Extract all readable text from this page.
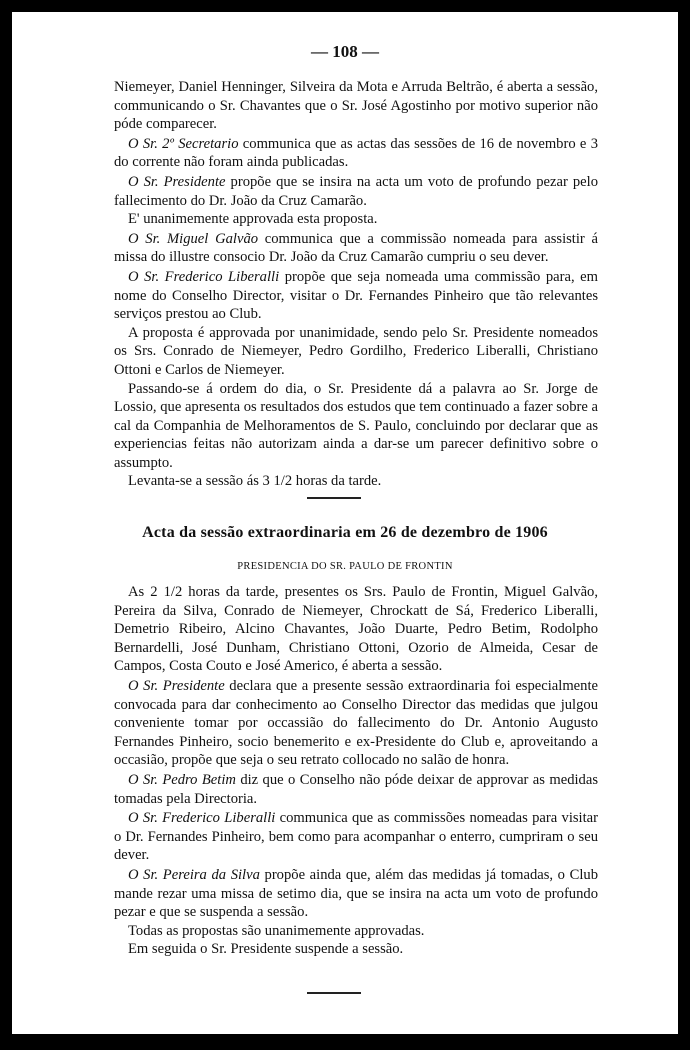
— 108 —

Niemeyer, Daniel Henninger, Silveira da Mota e Arruda Beltrão, é aberta a sessão, communicando o Sr. Chavantes que o Sr. José Agostinho por motivo superior não póde comparecer.

O Sr. 2º Secretario communica que as actas das sessões de 16 de novembro e 3 do corrente não foram ainda publicadas.

O Sr. Presidente propõe que se insira na acta um voto de profundo pezar pelo fallecimento do Dr. João da Cruz Camarão.

E' unanimemente approvada esta proposta.

O Sr. Miguel Galvão communica que a commissão nomeada para assistir á missa do illustre consocio Dr. João da Cruz Camarão cumpriu o seu dever.

O Sr. Frederico Liberalli propõe que seja nomeada uma commissão para, em nome do Conselho Director, visitar o Dr. Fernandes Pinheiro que tão relevantes serviços prestou ao Club.

A proposta é approvada por unanimidade, sendo pelo Sr. Presidente nomeados os Srs. Conrado de Niemeyer, Pedro Gordilho, Frederico Liberalli, Christiano Ottoni e Carlos de Niemeyer.

Passando-se á ordem do dia, o Sr. Presidente dá a palavra ao Sr. Jorge de Lossio, que apresenta os resultados dos estudos que tem continuado a fazer sobre a cal da Companhia de Melhoramentos de S. Paulo, concluindo por declarar que as experiencias feitas não autorizam ainda a dar-se um parecer definitivo sobre o assumpto.

Levanta-se a sessão ás 3 1/2 horas da tarde.

Acta da sessão extraordinaria em 26 de dezembro de 1906
PRESIDENCIA DO SR. PAULO DE FRONTIN

As 2 1/2 horas da tarde, presentes os Srs. Paulo de Frontin, Miguel Galvão, Pereira da Silva, Conrado de Niemeyer, Chrockatt de Sá, Frederico Liberalli, Demetrio Ribeiro, Alcino Chavantes, João Duarte, Pedro Betim, Rodolpho Bernardelli, José Dunham, Christiano Ottoni, Ozorio de Almeida, Cesar de Campos, Costa Couto e José Americo, é aberta a sessão.

O Sr. Presidente declara que a presente sessão extraordinaria foi especialmente convocada para dar conhecimento ao Conselho Director das medidas que julgou conveniente tomar por occassião do fallecimento do Dr. Antonio Augusto Fernandes Pinheiro, socio benemerito e ex-Presidente do Club e, aproveitando a occasião, propõe que seja o seu retrato collocado no salão de honra.

O Sr. Pedro Betim diz que o Conselho não póde deixar de approvar as medidas tomadas pela Directoria.

O Sr. Frederico Liberalli communica que as commissões nomeadas para visitar o Dr. Fernandes Pinheiro, bem como para acompanhar o enterro, cumpriram o seu dever.

O Sr. Pereira da Silva propõe ainda que, além das medidas já tomadas, o Club mande rezar uma missa de setimo dia, que se insira na acta um voto de profundo pezar e que se suspenda a sessão.

Todas as propostas são unanimemente approvadas.

Em seguida o Sr. Presidente suspende a sessão.
